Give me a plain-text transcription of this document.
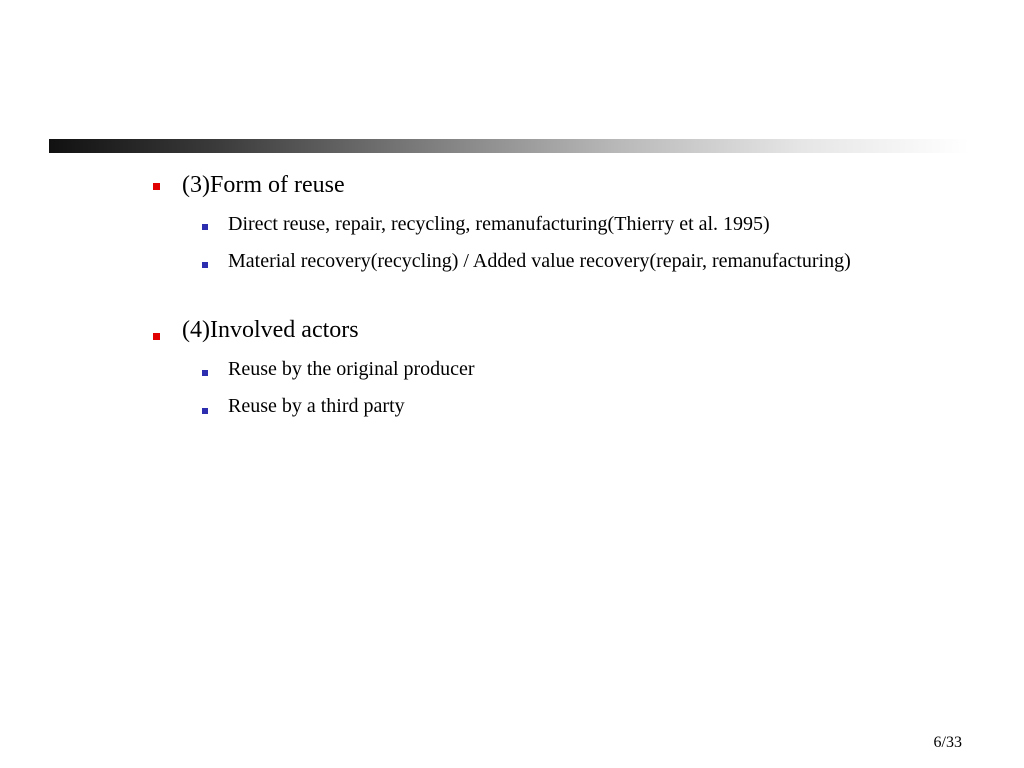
(3)Form of reuse
Direct reuse, repair, recycling, remanufacturing(Thierry et al. 1995)
Material recovery(recycling) / Added value recovery(repair, remanufacturing)
(4)Involved actors
Reuse by the original producer
Reuse by a third party
6/33
